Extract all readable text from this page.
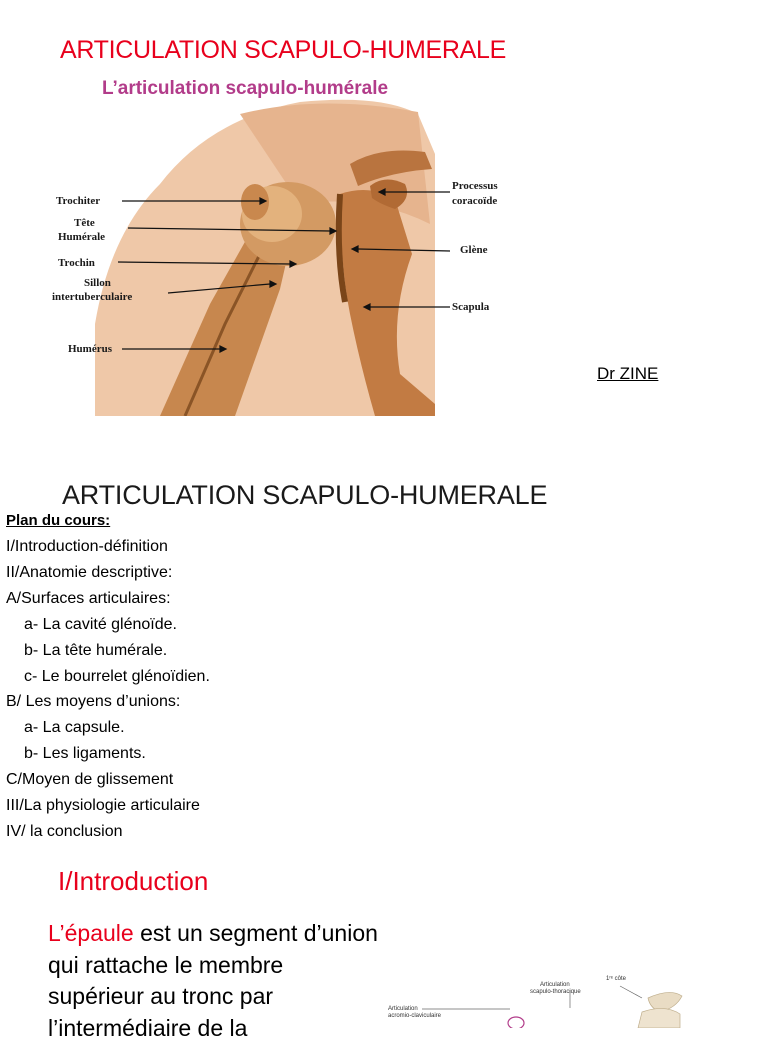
ARTICULATION SCAPULO-HUMERALE
L’articulation scapulo-humérale
Trochiter
Tête
Humérale
Trochin
Sillon
intertuberculaire
Humérus
Processus
coracoïde
Glène
Scapula
Dr ZINE
ARTICULATION SCAPULO-HUMERALE
Plan du cours:
I/Introduction-définition
II/Anatomie descriptive:
A/Surfaces articulaires:
a- La cavité glénoïde.
b- La tête humérale.
c- Le bourrelet glénoïdien.
B/ Les moyens d’unions:
a- La capsule.
b- Les ligaments.
C/Moyen de glissement
III/La physiologie articulaire
IV/ la conclusion
I/Introduction
L’épaule est un segment d’union qui rattache le membre supérieur au tronc par l’intermédiaire de la
Articulation
scapulo-thoracique
1ʳᵉ côte
Articulation
acromio-claviculaire
